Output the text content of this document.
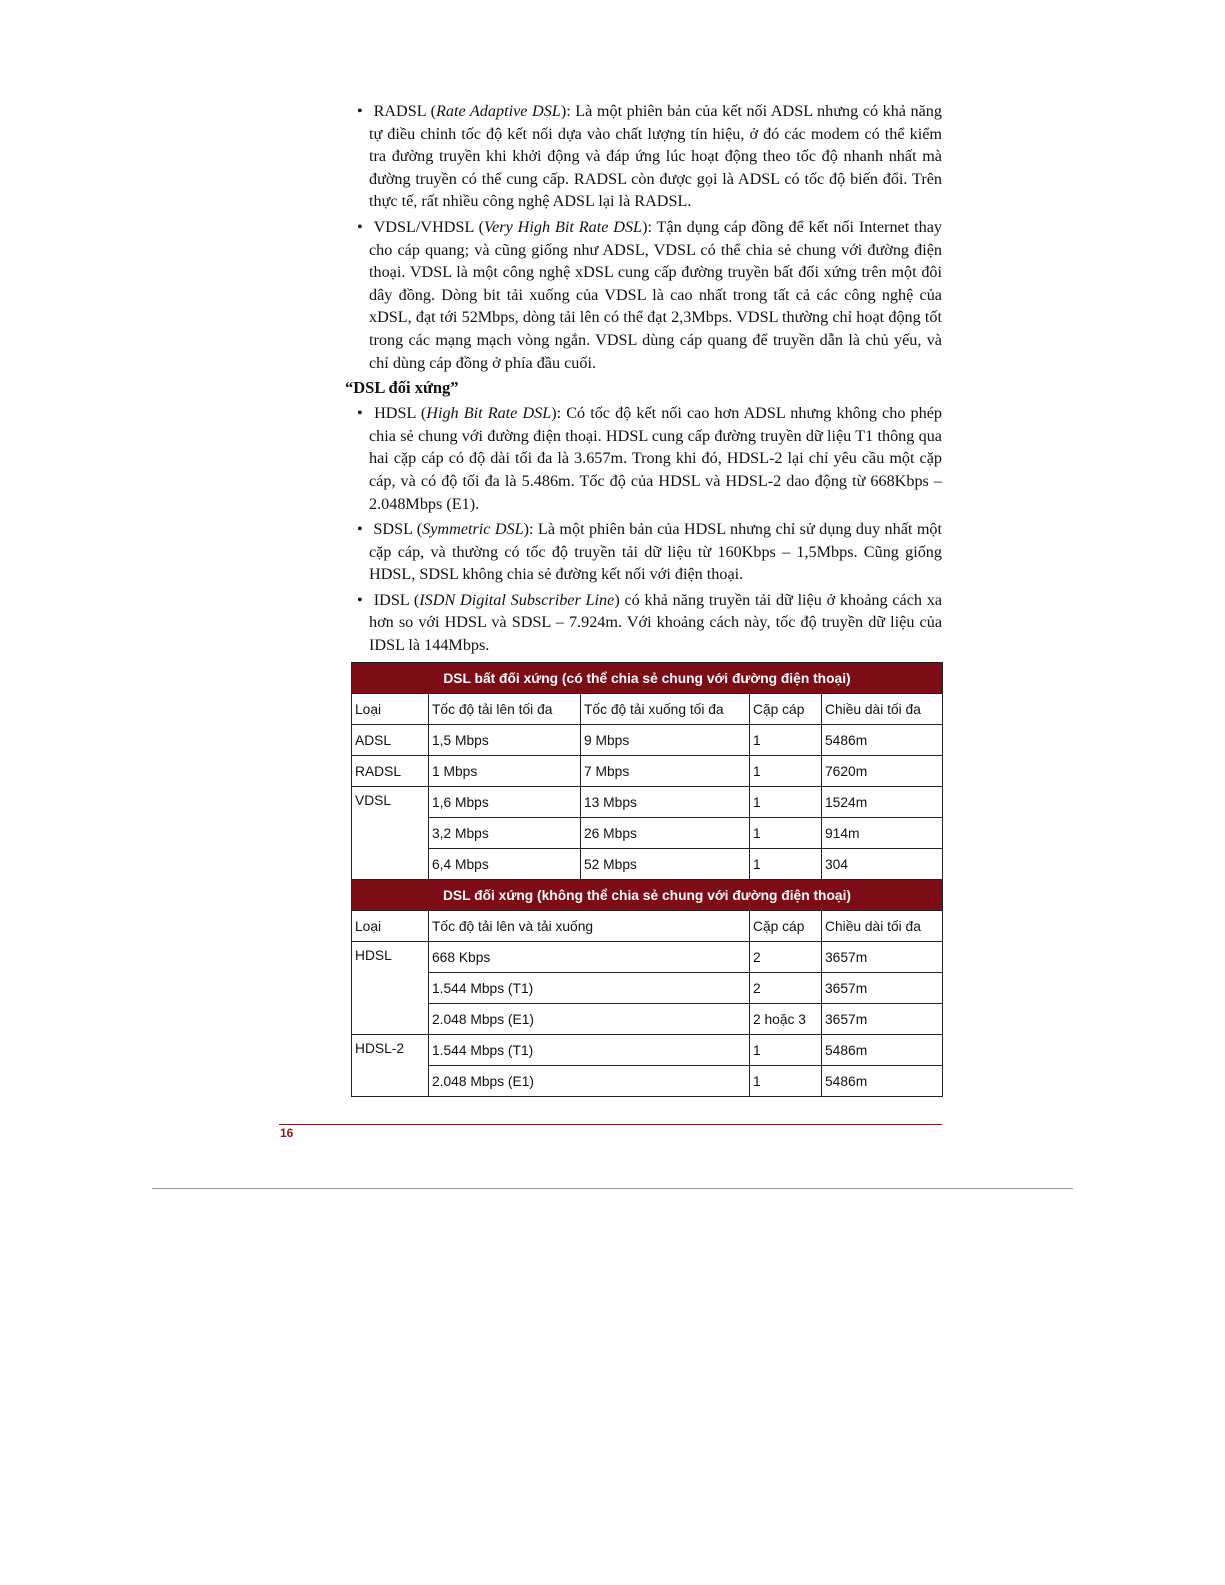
• RADSL (Rate Adaptive DSL): Là một phiên bản của kết nối ADSL nhưng có khả năng tự điều chỉnh tốc độ kết nối dựa vào chất lượng tín hiệu, ở đó các modem có thể kiểm tra đường truyền khi khởi động và đáp ứng lúc hoạt động theo tốc độ nhanh nhất mà đường truyền có thể cung cấp. RADSL còn được gọi là ADSL có tốc độ biến đổi. Trên thực tế, rất nhiều công nghệ ADSL lại là RADSL.

• VDSL/VHDSL (Very High Bit Rate DSL): Tận dụng cáp đồng để kết nối Internet thay cho cáp quang; và cũng giống như ADSL, VDSL có thể chia sẻ chung với đường điện thoại. VDSL là một công nghệ xDSL cung cấp đường truyền bất đối xứng trên một đôi dây đồng. Dòng bit tải xuống của VDSL là cao nhất trong tất cả các công nghệ của xDSL, đạt tới 52Mbps, dòng tải lên có thể đạt 2,3Mbps. VDSL thường chỉ hoạt động tốt trong các mạng mạch vòng ngắn. VDSL dùng cáp quang để truyền dẫn là chủ yếu, và chỉ dùng cáp đồng ở phía đầu cuối.

“DSL đối xứng”

• HDSL (High Bit Rate DSL): Có tốc độ kết nối cao hơn ADSL nhưng không cho phép chia sẻ chung với đường điện thoại. HDSL cung cấp đường truyền dữ liệu T1 thông qua hai cặp cáp có độ dài tối đa là 3.657m. Trong khi đó, HDSL-2 lại chỉ yêu cầu một cặp cáp, và có độ tối đa là 5.486m. Tốc độ của HDSL và HDSL-2 dao động từ 668Kbps – 2.048Mbps (E1).

• SDSL (Symmetric DSL): Là một phiên bản của HDSL nhưng chỉ sử dụng duy nhất một cặp cáp, và thường có tốc độ truyền tải dữ liệu từ 160Kbps – 1,5Mbps. Cũng giống HDSL, SDSL không chia sẻ đường kết nối với điện thoại.

• IDSL (ISDN Digital Subscriber Line) có khả năng truyền tải dữ liệu ở khoảng cách xa hơn so với HDSL và SDSL – 7.924m. Với khoảng cách này, tốc độ truyền dữ liệu của IDSL là 144Mbps.

DSL bất đối xứng (có thể chia sẻ chung với đường điện thoại)				
Loại	Tốc độ tải lên tối đa	Tốc độ tải xuống tối đa	Cặp cáp	Chiều dài tối đa
ADSL	1,5 Mbps	9 Mbps	1	5486m
RADSL	1 Mbps	7 Mbps	1	7620m
VDSL	1,6 Mbps	13 Mbps	1	1524m
	3,2 Mbps	26 Mbps	1	914m
	6,4 Mbps	52 Mbps	1	304
DSL đối xứng (không thể chia sẻ chung với đường điện thoại)				
Loại	Tốc độ tải lên và tải xuống		Cặp cáp	Chiều dài tối đa
HDSL	668 Kbps		2	3657m
	1.544 Mbps (T1)		2	3657m
	2.048 Mbps (E1)		2 hoặc 3	3657m
HDSL-2	1.544 Mbps (T1)		1	5486m
	2.048 Mbps (E1)		1	5486m
16
